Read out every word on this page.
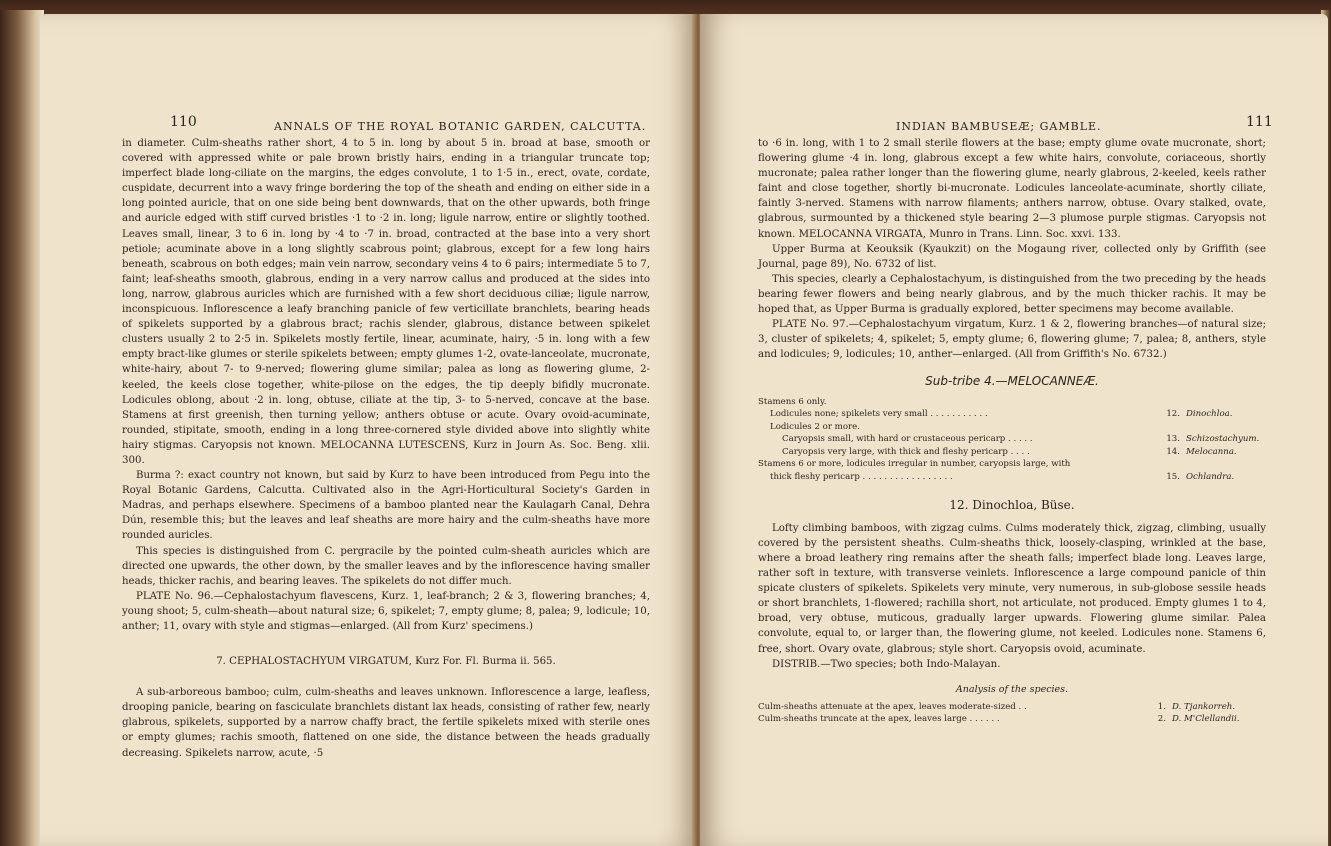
110	ANNALS OF THE ROYAL BOTANIC GARDEN, CALCUTTA.

in diameter. Culm-sheaths rather short, 4 to 5 in. long by about 5 in. broad at base, smooth or covered with appressed white or pale brown bristly hairs, ending in a triangular truncate top; imperfect blade long-ciliate on the margins, the edges convolute, 1 to 1·5 in., erect, ovate, cordate, cuspidate, decurrent into a wavy fringe bordering the top of the sheath and ending on either side in a long pointed auricle, that on one side being bent downwards, that on the other upwards, both fringe and auricle edged with stiff curved bristles ·1 to ·2 in. long; ligule narrow, entire or slightly toothed. Leaves small, linear, 3 to 6 in. long by ·4 to ·7 in. broad, contracted at the base into a very short petiole; acuminate above in a long slightly scabrous point; glabrous, except for a few long hairs beneath, scabrous on both edges; main vein narrow, secondary veins 4 to 6 pairs; intermediate 5 to 7, faint; leaf-sheaths smooth, glabrous, ending in a very narrow callus and produced at the sides into long, narrow, glabrous auricles which are furnished with a few short deciduous ciliæ; ligule narrow, inconspicuous. Inflorescence a leafy branching panicle of few verticillate branchlets, bearing heads of spikelets supported by a glabrous bract; rachis slender, glabrous, distance between spikelet clusters usually 2 to 2·5 in. Spikelets mostly fertile, linear, acuminate, hairy, ·5 in. long with a few empty bract-like glumes or sterile spikelets between; empty glumes 1-2, ovate-lanceolate, mucronate, white-hairy, about 7- to 9-nerved; flowering glume similar; palea as long as flowering glume, 2-keeled, the keels close together, white-pilose on the edges, the tip deeply bifidly mucronate. Lodicules oblong, about ·2 in. long, obtuse, ciliate at the tip, 3- to 5-nerved, concave at the base. Stamens at first greenish, then turning yellow; anthers obtuse or acute. Ovary ovoid-acuminate, rounded, stipitate, smooth, ending in a long three-cornered style divided above into slightly white hairy stigmas. Caryopsis not known. MELOCANNA LUTESCENS, Kurz in Journ As. Soc. Beng. xlii. 300.

Burma ?: exact country not known, but said by Kurz to have been introduced from Pegu into the Royal Botanic Gardens, Calcutta. Cultivated also in the Agri-Horticultural Society's Garden in Madras, and perhaps elsewhere. Specimens of a bamboo planted near the Kaulagarh Canal, Dehra Dún, resemble this; but the leaves and leaf sheaths are more hairy and the culm-sheaths have more rounded auricles.

This species is distinguished from C. pergracile by the pointed culm-sheath auricles which are directed one upwards, the other down, by the smaller leaves and by the inflorescence having smaller heads, thicker rachis, and bearing leaves. The spikelets do not differ much.

PLATE No. 96.—Cephalostachyum flavescens, Kurz. 1, leaf-branch; 2 & 3, flowering branches; 4, young shoot; 5, culm-sheath—about natural size; 6, spikelet; 7, empty glume; 8, palea; 9, lodicule; 10, anther; 11, ovary with style and stigmas—enlarged. (All from Kurz' specimens.)

7. CEPHALOSTACHYUM VIRGATUM, Kurz For. Fl. Burma ii. 565.

A sub-arboreous bamboo; culm, culm-sheaths and leaves unknown. Inflorescence a large, leafless, drooping panicle, bearing on fasciculate branchlets distant lax heads, consisting of rather few, nearly glabrous, spikelets, supported by a narrow chaffy bract, the fertile spikelets mixed with sterile ones or empty glumes; rachis smooth, flattened on one side, the distance between the heads gradually decreasing. Spikelets narrow, acute, ·5

INDIAN BAMBUSEÆ; GAMBLE.	111

to ·6 in. long, with 1 to 2 small sterile flowers at the base; empty glume ovate mucronate, short; flowering glume ·4 in. long, glabrous except a few white hairs, convolute, coriaceous, shortly mucronate; palea rather longer than the flowering glume, nearly glabrous, 2-keeled, keels rather faint and close together, shortly bi-mucronate. Lodicules lanceolate-acuminate, shortly ciliate, faintly 3-nerved. Stamens with narrow filaments; anthers narrow, obtuse. Ovary stalked, ovate, glabrous, surmounted by a thickened style bearing 2—3 plumose purple stigmas. Caryopsis not known. MELOCANNA VIRGATA, Munro in Trans. Linn. Soc. xxvi. 133.

Upper Burma at Keouksik (Kyaukzit) on the Mogaung river, collected only by Griffith (see Journal, page 89), No. 6732 of list.

This species, clearly a Cephalostachyum, is distinguished from the two preceding by the heads bearing fewer flowers and being nearly glabrous, and by the much thicker rachis. It may be hoped that, as Upper Burma is gradually explored, better specimens may become available.

PLATE No. 97.—Cephalostachyum virgatum, Kurz. 1 & 2, flowering branches—of natural size; 3, cluster of spikelets; 4, spikelet; 5, empty glume; 6, flowering glume; 7, palea; 8, anthers, style and lodicules; 9, lodicules; 10, anther—enlarged. (All from Griffith's No. 6732.)

Sub-tribe 4.—MELOCANNEÆ.

Stamens 6 only.
Lodicules none; spikelets very small . . . . . . . . . . .	12. Dinochloa.
Lodicules 2 or more.
Caryopsis small, with hard or crustaceous pericarp . . . . .	13. Schizostachyum.
Caryopsis very large, with thick and fleshy pericarp . . . .	14. Melocanna.
Stamens 6 or more, lodicules irregular in number, caryopsis large, with
thick fleshy pericarp . . . . . . . . . . . . . . . . .	15. Ochlandra.

12. Dinochloa, Büse.

Lofty climbing bamboos, with zigzag culms. Culms moderately thick, zigzag, climbing, usually covered by the persistent sheaths. Culm-sheaths thick, loosely-clasping, wrinkled at the base, where a broad leathery ring remains after the sheath falls; imperfect blade long. Leaves large, rather soft in texture, with transverse veinlets. Inflorescence a large compound panicle of thin spicate clusters of spikelets. Spikelets very minute, very numerous, in sub-globose sessile heads or short branchlets, 1-flowered; rachilla short, not articulate, not produced. Empty glumes 1 to 4, broad, very obtuse, muticous, gradually larger upwards. Flowering glume similar. Palea convolute, equal to, or larger than, the flowering glume, not keeled. Lodicules none. Stamens 6, free, short. Ovary ovate, glabrous; style short. Caryopsis ovoid, acuminate.

DISTRIB.—Two species; both Indo-Malayan.

Analysis of the species.

Culm-sheaths attenuate at the apex, leaves moderate-sized . .	1. D. Tjankorreh.
Culm-sheaths truncate at the apex, leaves large . . . . . .	2. D. M'Clellandii.
